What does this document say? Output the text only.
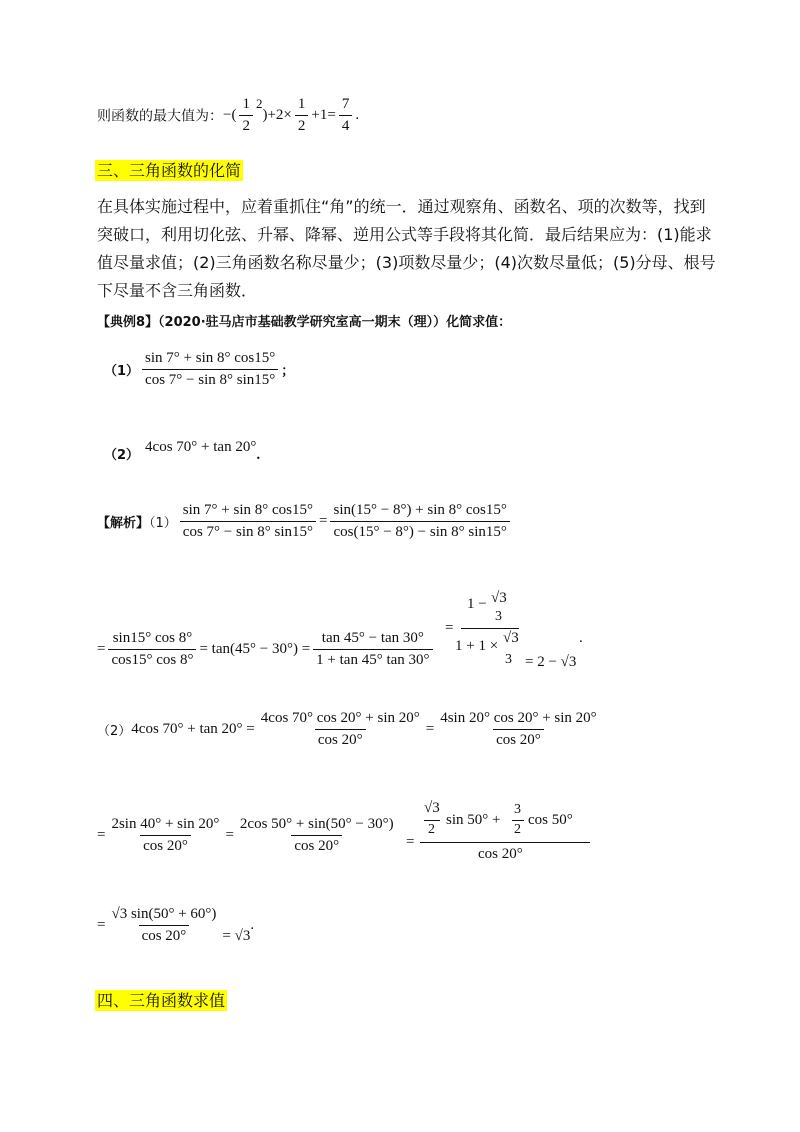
则函数的最大值为：−( $\frac{1}{2} ^2)+2\times \frac{1}{2} +1= \frac{7}{4}$ .
三、三角函数的化简
在具体实施过程中，应着重抓住“角”的统一．通过观察角、函数名、项的次数等，找到突破口，利用切化弦、升幂、降幂、逆用公式等手段将其化简．最后结果应为：(1)能求值尽量求值；(2)三角函数名称尽量少；(3)项数尽量少；(4)次数尽量低；(5)分母、根号下尽量不含三角函数．
【典例8】（2020·驻马店市基础教学研究室高一期末（理））化简求值：
$(1) \frac{\sin 7^\circ + \sin 8^\circ \cos 15^\circ}{\cos 7^\circ - \sin 8^\circ \sin 15^\circ}$ ；
$_{(2)}$4cos 70° + tan 20°.
【解析】$(1) \frac{\sin 7^\circ + \sin 8^\circ \cos 15^\circ}{\cos 7^\circ - \sin 8^\circ \sin 15^\circ} = \frac{\sin(15^\circ - 8^\circ) + \sin 8^\circ \cos 15^\circ}{\cos(15^\circ - 8^\circ) - \sin 8^\circ \sin 15^\circ}$
= $\frac{\sin 15^\circ \cos 8^\circ}{\cos 15^\circ \cos 8^\circ} = \tan(45^\circ - 30^\circ) = \frac{\tan 45^\circ - \tan 30^\circ}{1 + \tan 45^\circ \tan 30^\circ}$
=
1 − √3
3
1 + 1 × √3
3 = 2 − √3
.
（2）4cos $70^\circ + \tan 20^\circ = \frac{4\cos 70^\circ \cos 20^\circ + \sin 20^\circ}{\cos 20^\circ} = \frac{4\sin 20^\circ \cos 20^\circ + \sin 20^\circ}{\cos 20^\circ}$
= $\frac{2\sin 40^\circ + \sin 20^\circ}{\cos 20^\circ} = \frac{2\cos 50^\circ + \sin(50^\circ - 30^\circ)}{\cos 20^\circ}$ =
√3
2
sin 50° +
3
2
cos 50°
cos 20°
= $\frac{√3 \sin(50^\circ + 60^\circ)}{\cos 20^\circ} = √3$.
四、三角函数求值
